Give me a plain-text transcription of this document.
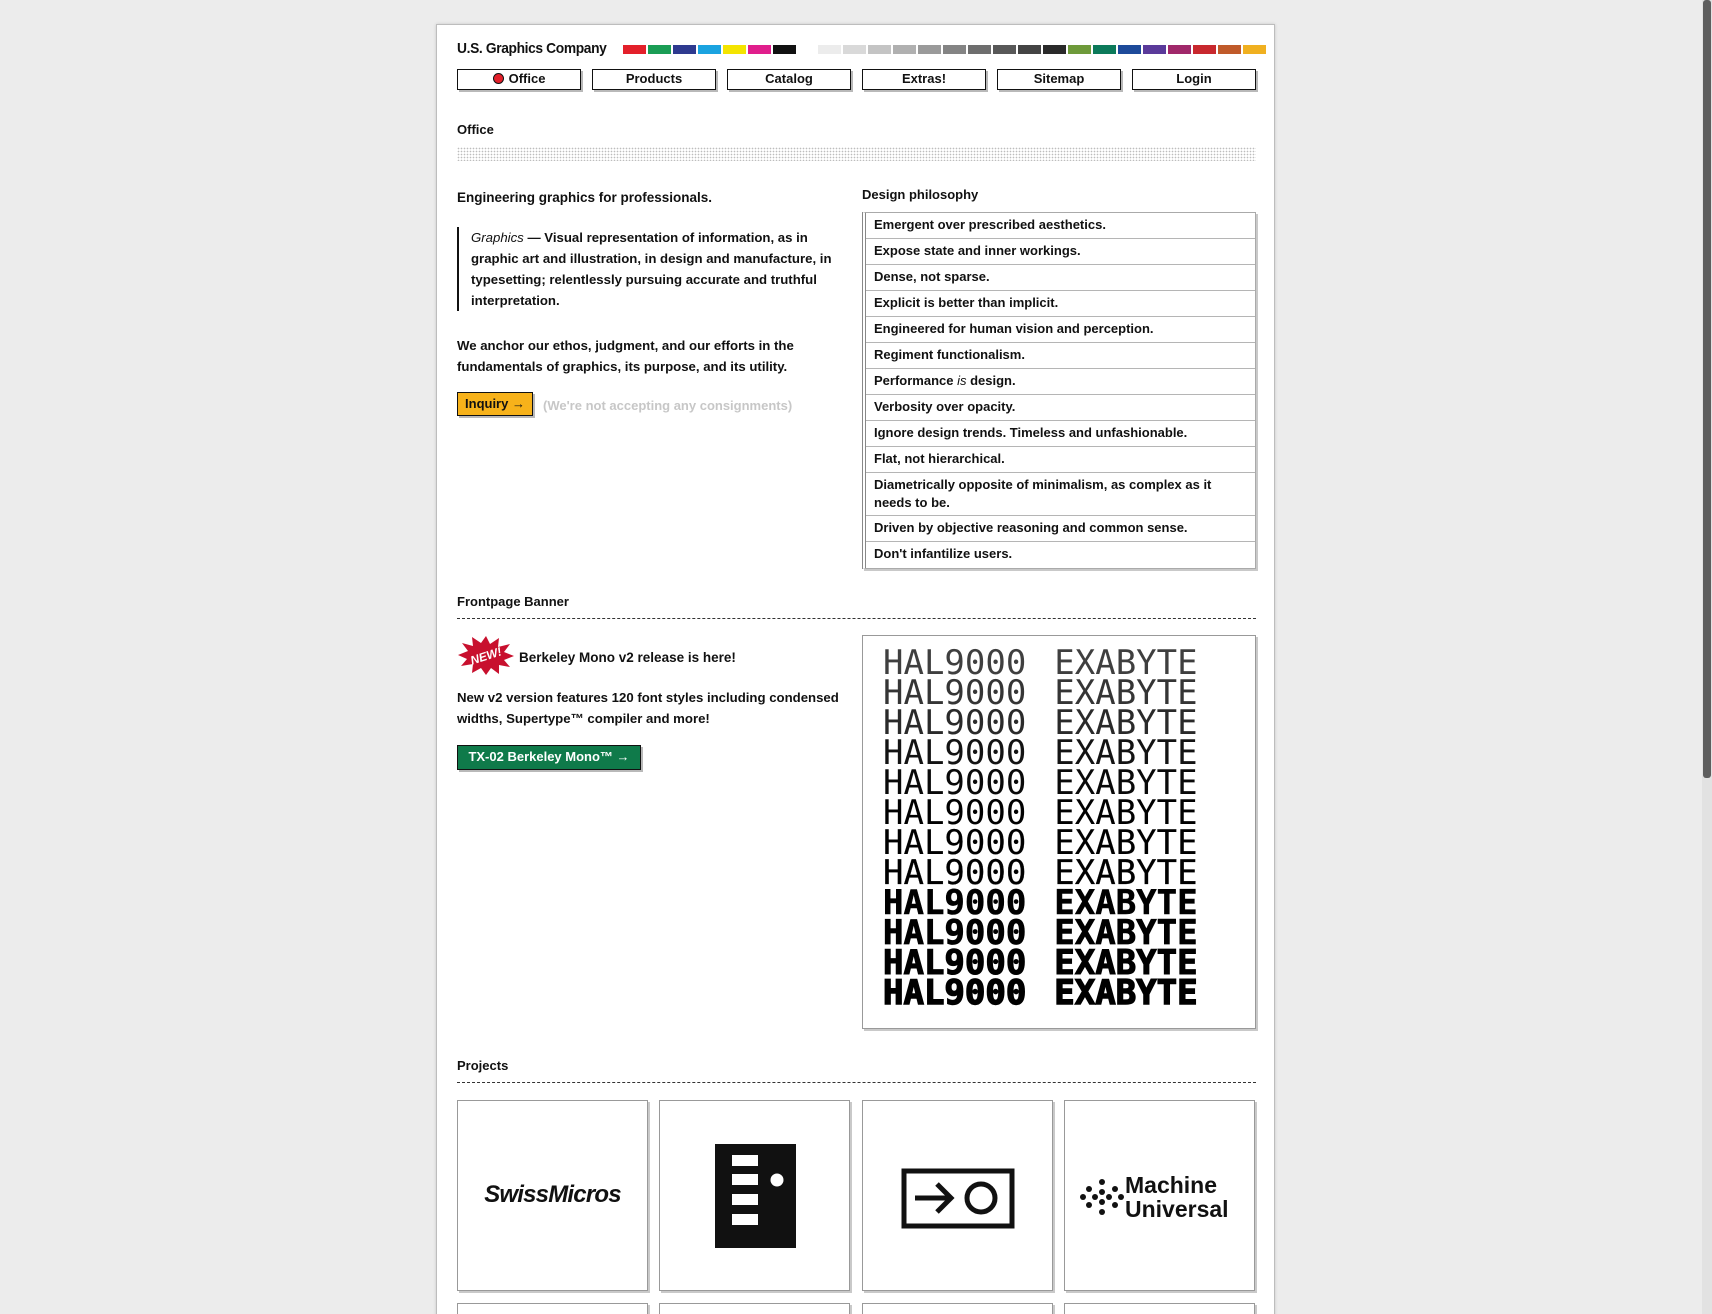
U.S. Graphics Company
Office	Products	Catalog	Extras!	Sitemap	Login
Office
Engineering graphics for professionals.
Graphics — Visual representation of information, as in graphic art and illustration, in design and manufacture, in typesetting; relentlessly pursuing accurate and truthful interpretation.
We anchor our ethos, judgment, and our efforts in the fundamentals of graphics, its purpose, and its utility.
Inquiry →	(We're not accepting any consignments)
Design philosophy
Emergent over prescribed aesthetics.
Expose state and inner workings.
Dense, not sparse.
Explicit is better than implicit.
Engineered for human vision and perception.
Regiment functionalism.
Performance is design.
Verbosity over opacity.
Ignore design trends. Timeless and unfashionable.
Flat, not hierarchical.
Diametrically opposite of minimalism, as complex as it needs to be.
Driven by objective reasoning and common sense.
Don't infantilize users.
Frontpage Banner
NEW! Berkeley Mono v2 release is here!
New v2 version features 120 font styles including condensed widths, Supertype™ compiler and more!
TX-02 Berkeley Mono™ →
HAL9000 EXABYTE
HAL9000 EXABYTE
HAL9000 EXABYTE
HAL9000 EXABYTE
HAL9000 EXABYTE
HAL9000 EXABYTE
HAL9000 EXABYTE
HAL9000 EXABYTE
HAL9000 EXABYTE
HAL9000 EXABYTE
HAL9000 EXABYTE
HAL9000 EXABYTE
Projects
SwissMicros	Machine
Universal
